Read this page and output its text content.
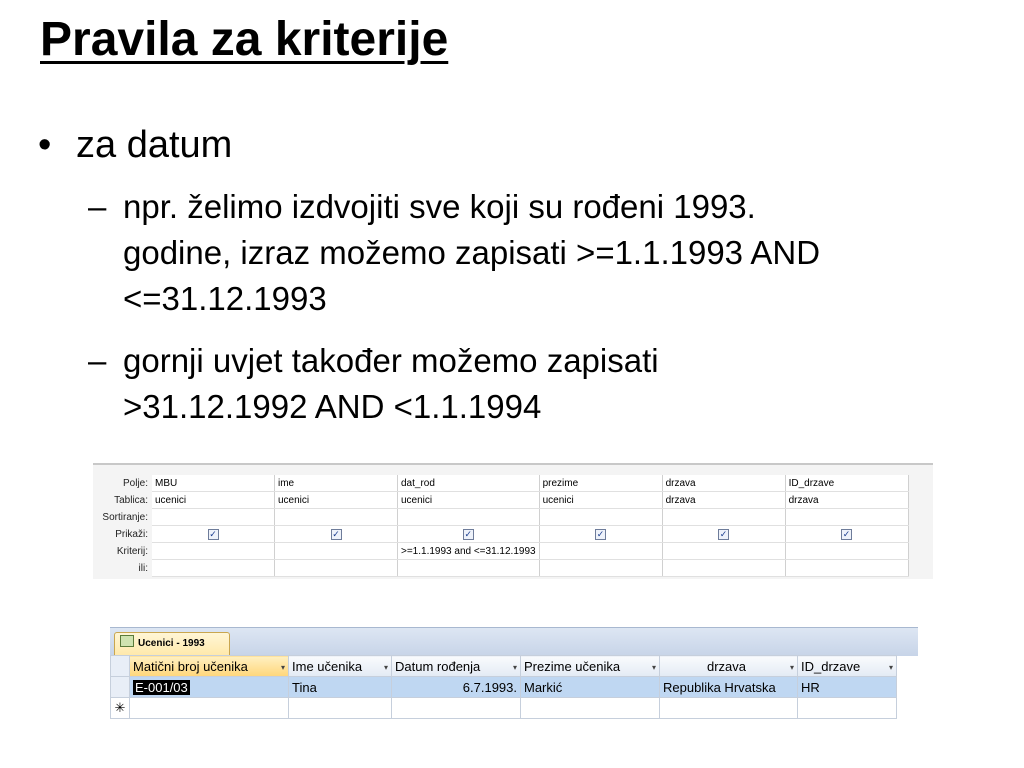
Pravila za kriterije
• za datum
– npr. želimo izdvojiti sve koji su rođeni 1993.
godine, izraz možemo zapisati >=1.1.1993 AND
<=31.12.1993
– gornji uvjet također možemo zapisati
>31.12.1992 AND <1.1.1994
Polje:	MBU	ime	dat_rod	prezime	drzava	ID_drzave
Tablica:	ucenici	ucenici	ucenici	ucenici	drzava	drzava
Sortiranje:						
Prikaži:	✓	✓	✓	✓	✓	✓
Kriterij:			>=1.1.1993 and <=31.12.1993			
ili:						
Ucenici - 1993
	Matični broj učenika ▾	Ime učenika ▾	Datum rođenja ▾	Prezime učenika ▾	drzava ▾	ID_drzave ▾

	E-001/03	Tina	6.7.1993.	Markić	Republika Hrvatska	HR
✳						
